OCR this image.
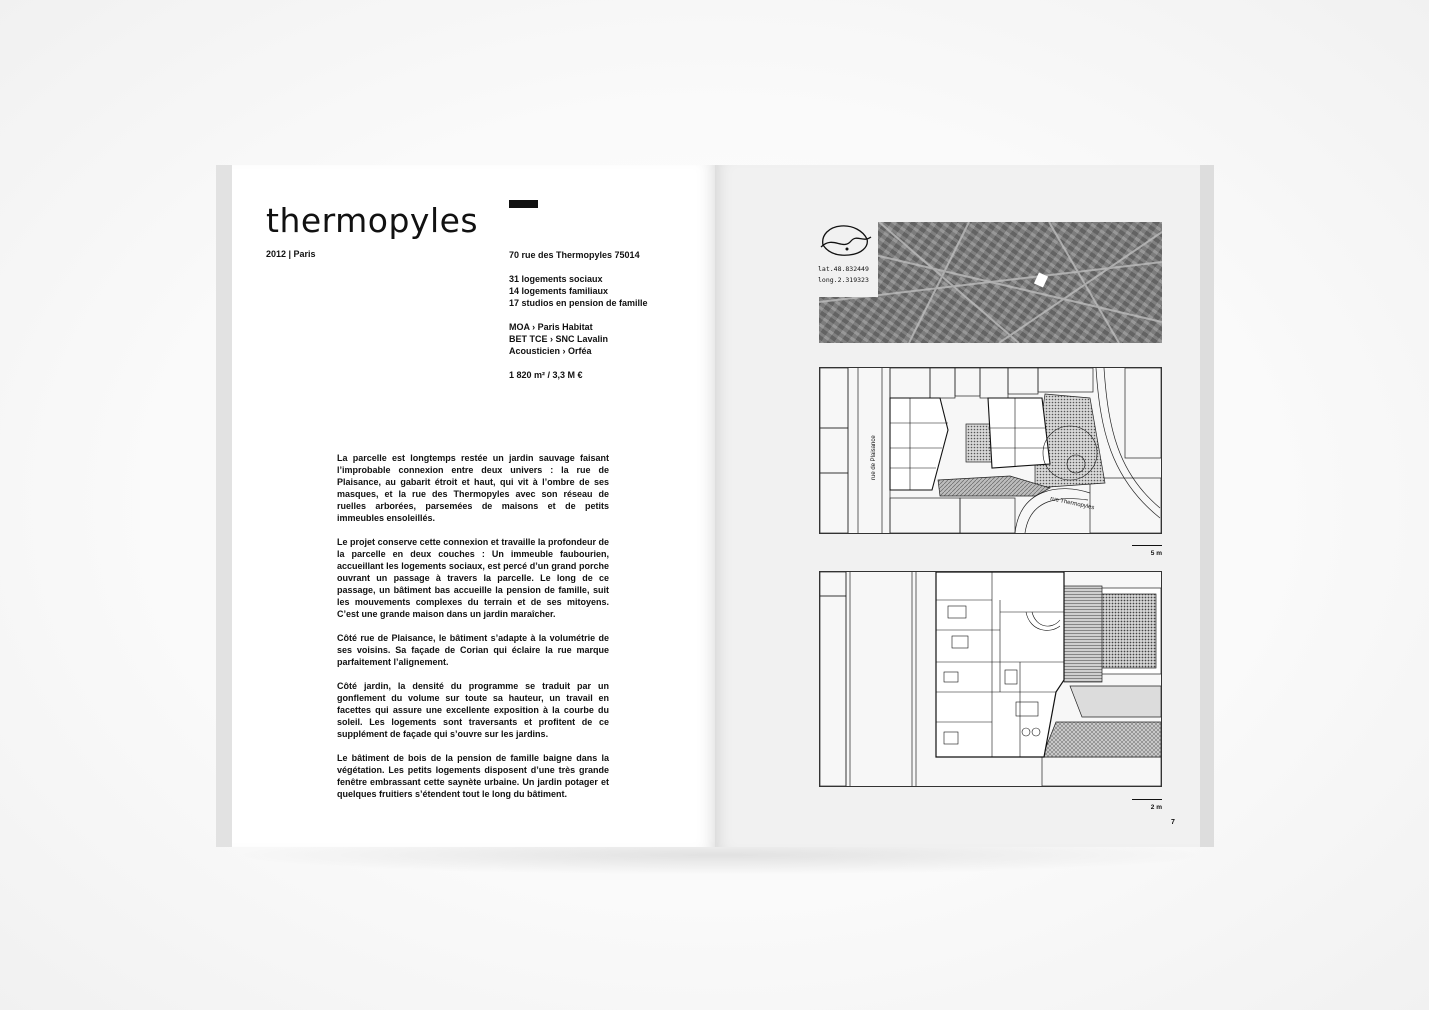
thermopyles
2012 | Paris	70 rue des Thermopyles 75014

31 logements sociaux

14 logements familiaux

17 studios en pension de famille

MOA › Paris Habitat

BET TCE › SNC Lavalin

Acousticien › Orféa

1 820 m² / 3,3 M €

La parcelle est longtemps restée un jardin sauvage faisant l’improbable connexion entre deux univers : la rue de Plaisance, au gabarit étroit et haut, qui vit à l’ombre de ses masques, et la rue des Thermopyles avec son réseau de ruelles arborées, parsemées de maisons et de petits immeubles ensoleillés.

Le projet conserve cette connexion et travaille la profondeur de la parcelle en deux couches : Un immeuble faubourien, accueillant les logements sociaux, est percé d’un grand porche ouvrant un passage à travers la parcelle. Le long de ce passage, un bâtiment bas accueille la pension de famille, suit les mouvements complexes du terrain et de ses mitoyens. C’est une grande maison dans un jardin maraîcher.

Côté rue de Plaisance, le bâtiment s’adapte à la volumétrie de ses voisins. Sa façade de Corian qui éclaire la rue marque parfaitement l’alignement.

Côté jardin, la densité du programme se traduit par un gonflement du volume sur toute sa hauteur, un travail en facettes qui assure une excellente exposition à la courbe du soleil. Les logements sont traversants et profitent de ce supplément de façade qui s’ouvre sur les jardins.

Le bâtiment de bois de la pension de famille baigne dans la végétation. Les petits logements disposent d’une très grande fenêtre embrassant cette saynète urbaine. Un jardin potager et quelques fruitiers s’étendent tout le long du bâtiment.

lat.48.832449
long.2.319323
rue de Plaisance
rue Thermopyles
5 m
2 m
7
